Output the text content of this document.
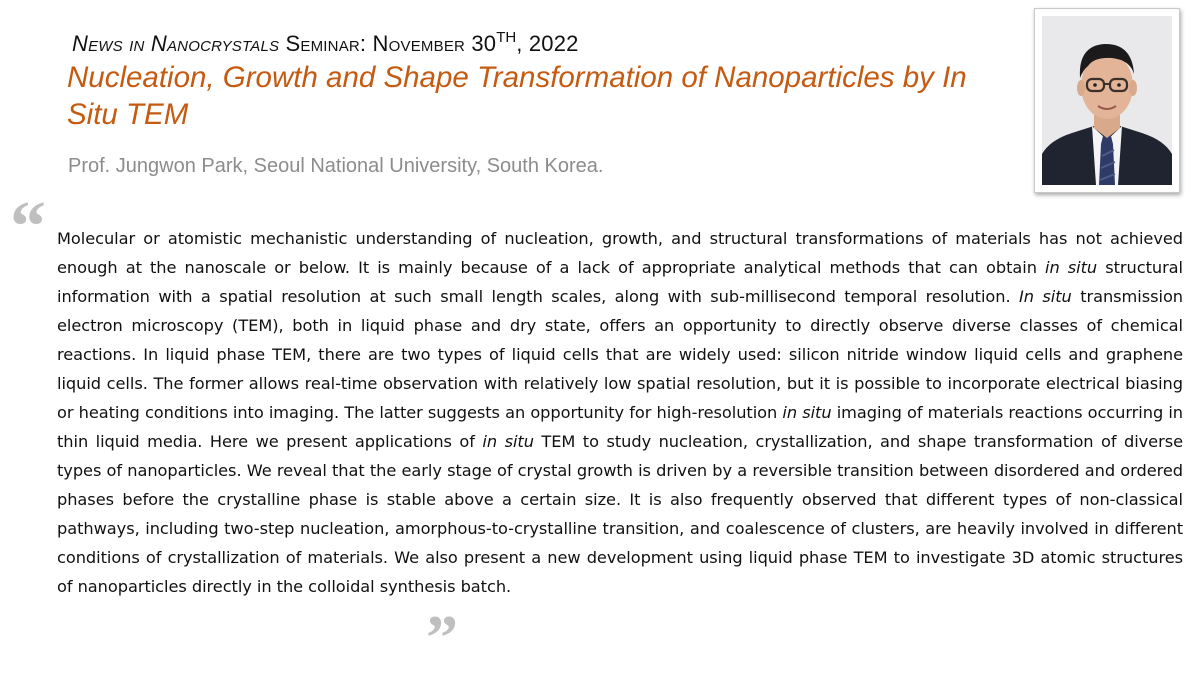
News in Nanocrystals Seminar: November 30th, 2022
Nucleation, Growth and Shape Transformation of Nanoparticles by In Situ TEM
Prof. Jungwon Park, Seoul National University, South Korea.
“ Molecular or atomistic mechanistic understanding of nucleation, growth, and structural transformations of materials has not achieved enough at the nanoscale or below. It is mainly because of a lack of appropriate analytical methods that can obtain in situ structural information with a spatial resolution at such small length scales, along with sub-millisecond temporal resolution. In situ transmission electron microscopy (TEM), both in liquid phase and dry state, offers an opportunity to directly observe diverse classes of chemical reactions. In liquid phase TEM, there are two types of liquid cells that are widely used: silicon nitride window liquid cells and graphene liquid cells. The former allows real-time observation with relatively low spatial resolution, but it is possible to incorporate electrical biasing or heating conditions into imaging. The latter suggests an opportunity for high-resolution in situ imaging of materials reactions occurring in thin liquid media. Here we present applications of in situ TEM to study nucleation, crystallization, and shape transformation of diverse types of nanoparticles. We reveal that the early stage of crystal growth is driven by a reversible transition between disordered and ordered phases before the crystalline phase is stable above a certain size. It is also frequently observed that different types of non-classical pathways, including two-step nucleation, amorphous-to-crystalline transition, and coalescence of clusters, are heavily involved in different conditions of crystallization of materials. We also present a new development using liquid phase TEM to investigate 3D atomic structures of nanoparticles directly in the colloidal synthesis batch.

”
